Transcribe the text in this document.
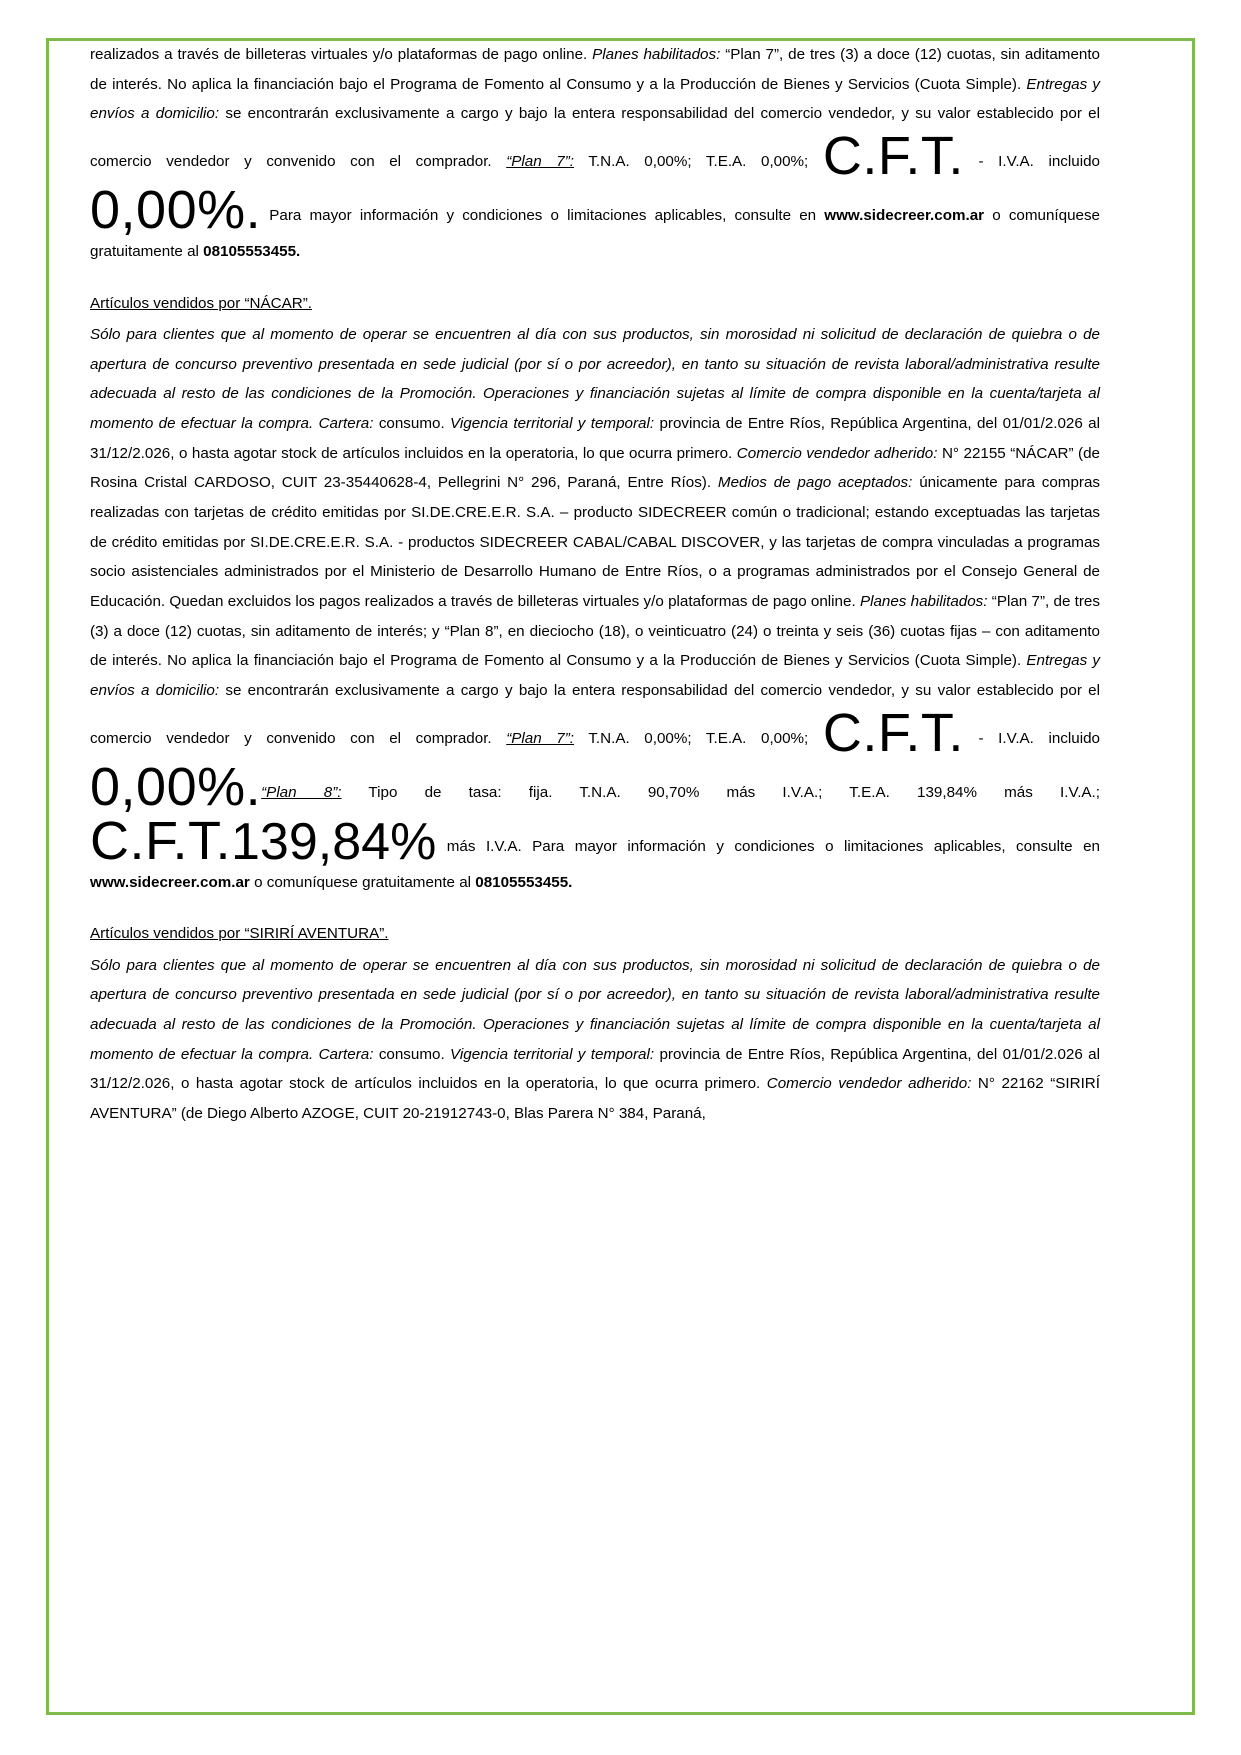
realizados a través de billeteras virtuales y/o plataformas de pago online. Planes habilitados: “Plan 7”, de tres (3) a doce (12) cuotas, sin aditamento de interés. No aplica la financiación bajo el Programa de Fomento al Consumo y a la Producción de Bienes y Servicios (Cuota Simple). Entregas y envíos a domicilio: se encontrarán exclusivamente a cargo y bajo la entera responsabilidad del comercio vendedor, y su valor establecido por el comercio vendedor y convenido con el comprador. “Plan 7”: T.N.A. 0,00%; T.E.A. 0,00%; C.F.T. - I.V.A. incluido 0,00%. Para mayor información y condiciones o limitaciones aplicables, consulte en www.sidecreer.com.ar o comuníquese gratuitamente al 08105553455.

Artículos vendidos por “NÁCAR”.

Sólo para clientes que al momento de operar se encuentren al día con sus productos, sin morosidad ni solicitud de declaración de quiebra o de apertura de concurso preventivo presentada en sede judicial (por sí o por acreedor), en tanto su situación de revista laboral/administrativa resulte adecuada al resto de las condiciones de la Promoción. Operaciones y financiación sujetas al límite de compra disponible en la cuenta/tarjeta al momento de efectuar la compra. Cartera: consumo. Vigencia territorial y temporal: provincia de Entre Ríos, República Argentina, del 01/01/2.026 al 31/12/2.026, o hasta agotar stock de artículos incluidos en la operatoria, lo que ocurra primero. Comercio vendedor adherido: N° 22155 “NÁCAR” (de Rosina Cristal CARDOSO, CUIT 23-35440628-4, Pellegrini N° 296, Paraná, Entre Ríos). Medios de pago aceptados: únicamente para compras realizadas con tarjetas de crédito emitidas por SI.DE.CRE.E.R. S.A. – producto SIDECREER común o tradicional; estando exceptuadas las tarjetas de crédito emitidas por SI.DE.CRE.E.R. S.A. - productos SIDECREER CABAL/CABAL DISCOVER, y las tarjetas de compra vinculadas a programas socio asistenciales administrados por el Ministerio de Desarrollo Humano de Entre Ríos, o a programas administrados por el Consejo General de Educación. Quedan excluidos los pagos realizados a través de billeteras virtuales y/o plataformas de pago online. Planes habilitados: “Plan 7”, de tres (3) a doce (12) cuotas, sin aditamento de interés; y “Plan 8”, en dieciocho (18), o veinticuatro (24) o treinta y seis (36) cuotas fijas – con aditamento de interés. No aplica la financiación bajo el Programa de Fomento al Consumo y a la Producción de Bienes y Servicios (Cuota Simple). Entregas y envíos a domicilio: se encontrarán exclusivamente a cargo y bajo la entera responsabilidad del comercio vendedor, y su valor establecido por el comercio vendedor y convenido con el comprador. “Plan 7”: T.N.A. 0,00%; T.E.A. 0,00%; C.F.T. - I.V.A. incluido 0,00%.“Plan 8”: Tipo de tasa: fija. T.N.A. 90,70% más I.V.A.; T.E.A. 139,84% más I.V.A.; C.F.T.139,84% más I.V.A. Para mayor información y condiciones o limitaciones aplicables, consulte en www.sidecreer.com.ar o comuníquese gratuitamente al 08105553455.

Artículos vendidos por “SIRIRÍ AVENTURA”.

Sólo para clientes que al momento de operar se encuentren al día con sus productos, sin morosidad ni solicitud de declaración de quiebra o de apertura de concurso preventivo presentada en sede judicial (por sí o por acreedor), en tanto su situación de revista laboral/administrativa resulte adecuada al resto de las condiciones de la Promoción. Operaciones y financiación sujetas al límite de compra disponible en la cuenta/tarjeta al momento de efectuar la compra. Cartera: consumo. Vigencia territorial y temporal: provincia de Entre Ríos, República Argentina, del 01/01/2.026 al 31/12/2.026, o hasta agotar stock de artículos incluidos en la operatoria, lo que ocurra primero. Comercio vendedor adherido: N° 22162 “SIRIRÍ AVENTURA” (de Diego Alberto AZOGE, CUIT 20-21912743-0, Blas Parera N° 384, Paraná,
